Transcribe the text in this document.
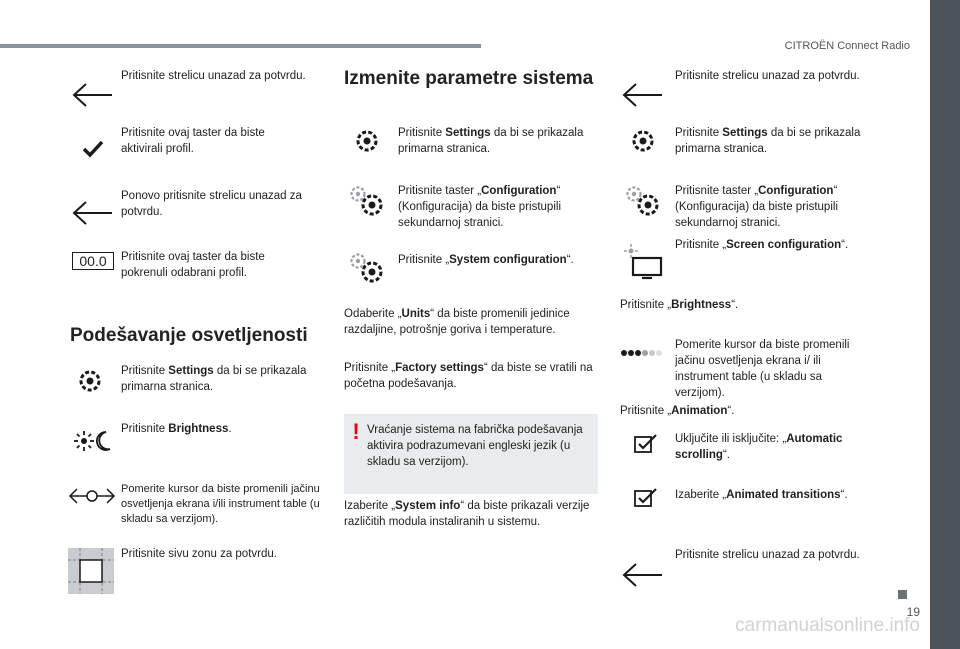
CITROËN Connect Radio
19
carmanualsonline.info
Pritisnite strelicu unazad za potvrdu.
Pritisnite ovaj taster da biste aktivirali profil.
Ponovo pritisnite strelicu unazad za potvrdu.
00.0	Pritisnite ovaj taster da biste pokrenuli odabrani profil.
Podešavanje osvetljenosti
Pritisnite Settings da bi se prikazala primarna stranica.
Pritisnite Brightness.
Pomerite kursor da biste promenili jačinu osvetljenja ekrana i/ili instrument table (u skladu sa verzijom).
Pritisnite sivu zonu za potvrdu.
Izmenite parametre sistema
Pritisnite Settings da bi se prikazala primarna stranica.
Pritisnite taster „Configuration“ (Konfiguracija) da biste pristupili sekundarnoj stranici.
Pritisnite „System configuration“.
Odaberite „Units“ da biste promenili jedinice razdaljine, potrošnje goriva i temperature.
Pritisnite „Factory settings“ da biste se vratili na početna podešavanja.
! Vraćanje sistema na fabrička podešavanja aktivira podrazumevani engleski jezik (u skladu sa verzijom).
Izaberite „System info“ da biste prikazali verzije različitih modula instaliranih u sistemu.
Pritisnite strelicu unazad za potvrdu.
Pritisnite Settings da bi se prikazala primarna stranica.
Pritisnite taster „Configuration“ (Konfiguracija) da biste pristupili sekundarnoj stranici.
Pritisnite „Screen configuration“.
Pritisnite „Brightness“.
Pomerite kursor da biste promenili jačinu osvetljenja ekrana i/ ili instrument table (u skladu sa verzijom).
Pritisnite „Animation“.
Uključite ili isključite: „Automatic scrolling“.
Izaberite „Animated transitions“.
Pritisnite strelicu unazad za potvrdu.
